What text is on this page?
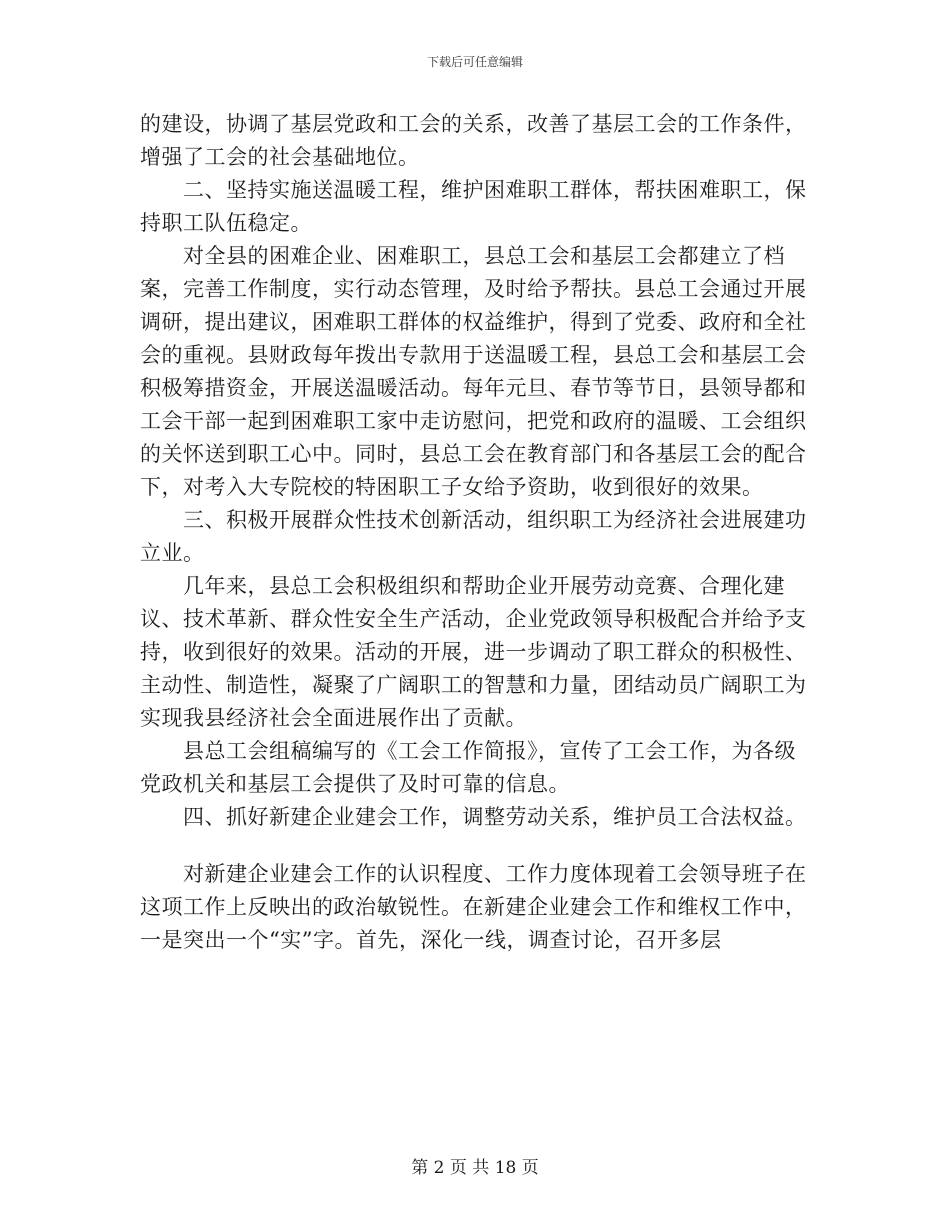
下载后可任意编辑

的建设，协调了基层党政和工会的关系，改善了基层工会的工作条件，增强了工会的社会基础地位。

　　二、坚持实施送温暖工程，维护困难职工群体，帮扶困难职工，保持职工队伍稳定。

　　对全县的困难企业、困难职工，县总工会和基层工会都建立了档案，完善工作制度，实行动态管理，及时给予帮扶。县总工会通过开展调研，提出建议，困难职工群体的权益维护，得到了党委、政府和全社会的重视。县财政每年拨出专款用于送温暖工程，县总工会和基层工会积极筹措资金，开展送温暖活动。每年元旦、春节等节日，县领导都和工会干部一起到困难职工家中走访慰问，把党和政府的温暖、工会组织的关怀送到职工心中。同时，县总工会在教育部门和各基层工会的配合下，对考入大专院校的特困职工子女给予资助，收到很好的效果。

　　三、积极开展群众性技术创新活动，组织职工为经济社会进展建功立业。

　　几年来，县总工会积极组织和帮助企业开展劳动竞赛、合理化建议、技术革新、群众性安全生产活动，企业党政领导积极配合并给予支持，收到很好的效果。活动的开展，进一步调动了职工群众的积极性、主动性、制造性，凝聚了广阔职工的智慧和力量，团结动员广阔职工为实现我县经济社会全面进展作出了贡献。

　　县总工会组稿编写的《工会工作简报》，宣传了工会工作，为各级党政机关和基层工会提供了及时可靠的信息。

　　四、抓好新建企业建会工作，调整劳动关系，维护员工合法权益。

　　对新建企业建会工作的认识程度、工作力度体现着工会领导班子在这项工作上反映出的政治敏锐性。在新建企业建会工作和维权工作中，一是突出一个“实”字。首先，深化一线，调查讨论，召开多层

第 2 页 共 18 页
